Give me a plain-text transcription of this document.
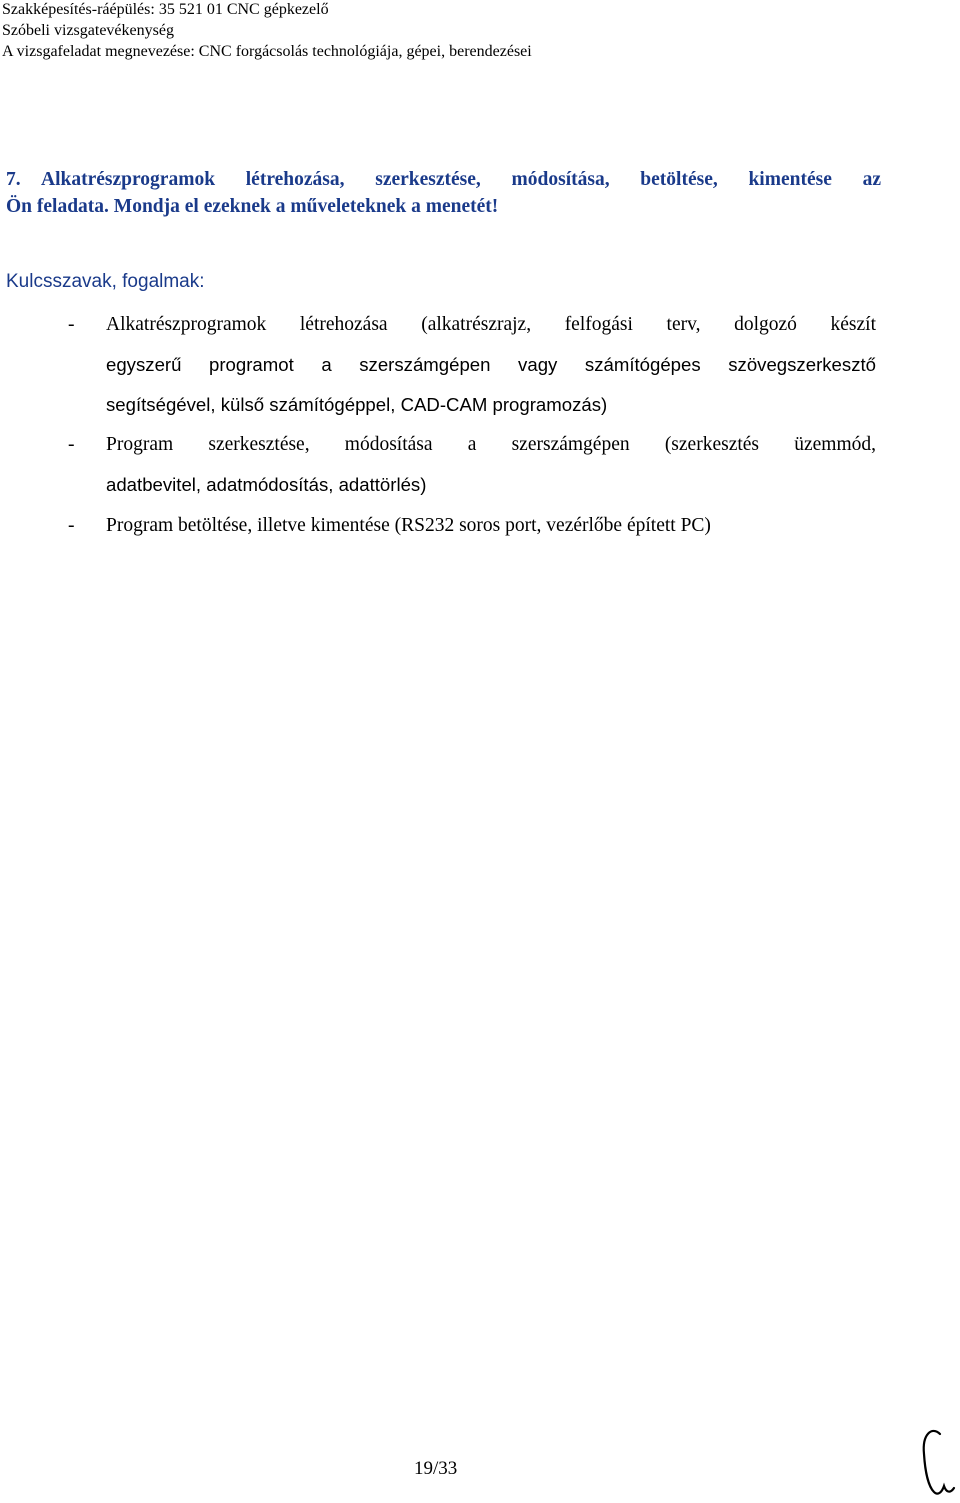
Szakképesítés-ráépülés: 35 521 01 CNC gépkezelő
Szóbeli vizsgatevékenység
A vizsgafeladat megnevezése: CNC forgácsolás technológiája, gépei, berendezései
7. Alkatrészprogramok létrehozása, szerkesztése, módosítása, betöltése, kimentése az
Ön feladata. Mondja el ezeknek a műveleteknek a menetét!
Kulcsszavak, fogalmak:
- Alkatrészprogramok létrehozása (alkatrészrajz, felfogási terv, dolgozó készít
egyszerű programot a szerszámgépen vagy számítógépes szövegszerkesztő
segítségével, külső számítógéppel, CAD-CAM programozás)
- Program szerkesztése, módosítása a szerszámgépen (szerkesztés üzemmód,
adatbevitel, adatmódosítás, adattörlés)
- Program betöltése, illetve kimentése (RS232 soros port, vezérlőbe épített PC)
19/33
